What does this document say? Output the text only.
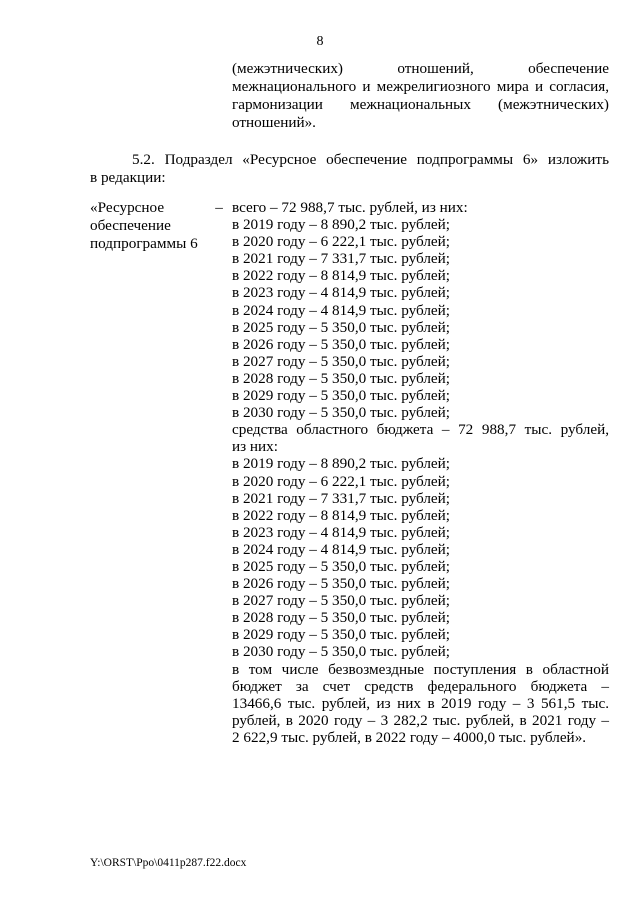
8
(межэтнических) отношений, обеспечение
межнационального и межрелигиозного мира и согласия,
гармонизации межнациональных (межэтнических)
отношений».
5.2. Подраздел «Ресурсное обеспечение подпрограммы 6» изложить
в редакции:
«Ресурсное
обеспечение
подпрограммы 6
– всего – 72 988,7 тыс. рублей, из них:
в 2019 году – 8 890,2 тыс. рублей;
в 2020 году – 6 222,1 тыс. рублей;
в 2021 году – 7 331,7 тыс. рублей;
в 2022 году – 8 814,9 тыс. рублей;
в 2023 году – 4 814,9 тыс. рублей;
в 2024 году – 4 814,9 тыс. рублей;
в 2025 году – 5 350,0 тыс. рублей;
в 2026 году – 5 350,0 тыс. рублей;
в 2027 году – 5 350,0 тыс. рублей;
в 2028 году – 5 350,0 тыс. рублей;
в 2029 году – 5 350,0 тыс. рублей;
в 2030 году – 5 350,0 тыс. рублей;
средства областного бюджета – 72 988,7 тыс. рублей,
из них:
в 2019 году – 8 890,2 тыс. рублей;
в 2020 году – 6 222,1 тыс. рублей;
в 2021 году – 7 331,7 тыс. рублей;
в 2022 году – 8 814,9 тыс. рублей;
в 2023 году – 4 814,9 тыс. рублей;
в 2024 году – 4 814,9 тыс. рублей;
в 2025 году – 5 350,0 тыс. рублей;
в 2026 году – 5 350,0 тыс. рублей;
в 2027 году – 5 350,0 тыс. рублей;
в 2028 году – 5 350,0 тыс. рублей;
в 2029 году – 5 350,0 тыс. рублей;
в 2030 году – 5 350,0 тыс. рублей;
в том числе безвозмездные поступления в областной
бюджет за счет средств федерального бюджета –
13466,6 тыс. рублей, из них в 2019 году – 3 561,5 тыс.
рублей, в 2020 году – 3 282,2 тыс. рублей, в 2021 году –
2 622,9 тыс. рублей, в 2022 году – 4000,0 тыс. рублей».
Y:\ORST\Ppo\0411p287.f22.docx
